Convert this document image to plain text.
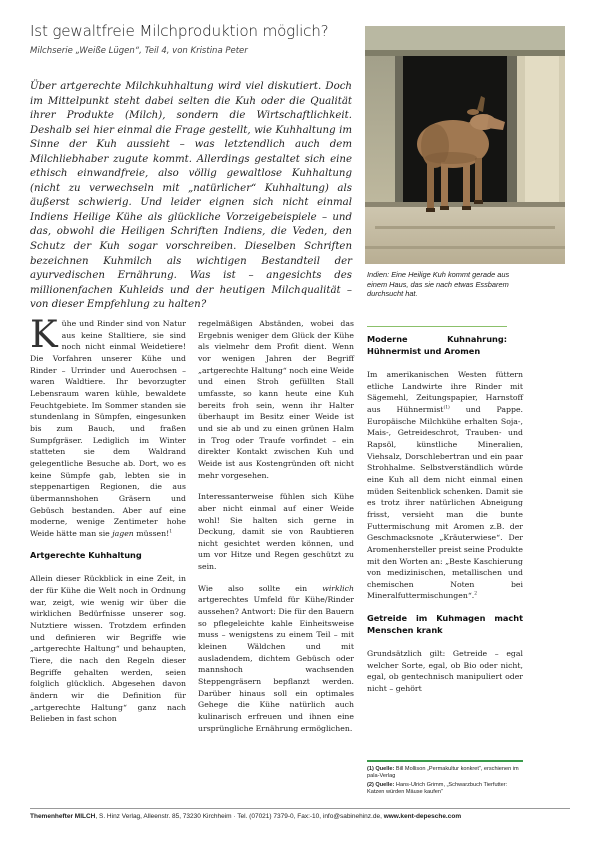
Ist gewaltfreie Milchproduktion möglich?
Milchserie „Weiße Lügen“, Teil 4, von Kristina Peter
Über artgerechte Milchkuhhaltung wird viel diskutiert. Doch im Mittelpunkt steht dabei selten die Kuh oder die Qualität ihrer Produkte (Milch), sondern die Wirtschaftlichkeit. Deshalb sei hier einmal die Frage gestellt, wie Kuhhaltung im Sinne der Kuh aussieht – was letztendlich auch dem Milchliebhaber zugute kommt. Allerdings gestaltet sich eine ethisch einwandfreie, also völlig gewaltlose Kuhhaltung (nicht zu verwechseln mit „natürlicher“ Kuhhaltung) als äußerst schwierig. Und leider eignen sich nicht einmal Indiens Heilige Kühe als glückliche Vorzeigebeispiele – und das, obwohl die Heiligen Schriften Indiens, die Veden, den Schutz der Kuh sogar vorschreiben. Dieselben Schriften bezeichnen Kuhmilch als wichtigen Bestandteil der ayurvedischen Ernährung. Was ist – angesichts des millionenfachen Kuhleids und der heutigen Milchqualität – von dieser Empfehlung zu halten?
Indien: Eine Heilige Kuh kommt gerade aus einem Haus, das sie nach etwas Essbarem durchsucht hat.

Kühe und Rinder sind von Natur aus keine Stalltiere, sie sind noch nicht einmal Weidetiere! Die Vorfahren unserer Kühe und Rinder – Urrinder und Auerochsen – waren Waldtiere. Ihr bevorzugter Lebensraum waren kühle, bewaldete Feuchtgebiete. Im Sommer standen sie stundenlang in Sümpfen, eingesunken bis zum Bauch, und fraßen Sumpfgräser. Lediglich im Winter statteten sie dem Waldrand gelegentliche Besuche ab. Dort, wo es keine Sümpfe gab, lebten sie in steppenartigen Regionen, die aus übermannshohen Gräsern und Gebüsch bestanden. Aber auf eine moderne, wenige Zentimeter hohe Weide hätte man sie jagen müssen!$^1$

Artgerechte Kuhhaltung

Allein dieser Rückblick in eine Zeit, in der für Kühe die Welt noch in Ordnung war, zeigt, wie wenig wir über die wirklichen Bedürfnisse unserer sog. Nutztiere wissen. Trotzdem erfinden und definieren wir Begriffe wie „artgerechte Haltung“ und behaupten, Tiere, die nach den Regeln dieser Begriffe gehalten werden, seien folglich glücklich. Abgesehen davon ändern wir die Definition für „artgerechte Haltung“ ganz nach Belieben in fast schon

regelmäßigen Abständen, wobei das Ergebnis weniger dem Glück der Kühe als vielmehr dem Profit dient. Wenn vor wenigen Jahren der Begriff „artgerechte Haltung“ noch eine Weide und einen Stroh gefüllten Stall umfasste, so kann heute eine Kuh bereits froh sein, wenn ihr Halter überhaupt im Besitz einer Weide ist und sie ab und zu einen grünen Halm in Trog oder Traufe vorfindet – ein direkter Kontakt zwischen Kuh und Weide ist aus Kostengründen oft nicht mehr vorgesehen.

Interessanterweise fühlen sich Kühe aber nicht einmal auf einer Weide wohl! Sie halten sich gerne in Deckung, damit sie von Raubtieren nicht gesichtet werden können, und um vor Hitze und Regen geschützt zu sein.

Wie also sollte ein wirklich artgerechtes Umfeld für Kühe/Rinder aussehen? Antwort: Die für den Bauern so pflegeleichte kahle Einheitsweise muss – wenigstens zu einem Teil – mit kleinen Wäldchen und mit ausladendem, dichtem Gebüsch oder mannshoch wachsenden Steppengräsern bepflanzt werden. Darüber hinaus soll ein optimales Gehege die Kühe natürlich auch kulinarisch erfreuen und ihnen eine ursprüngliche Ernährung ermöglichen.

Moderne Kuhnahrung: Hühnermist und Aromen

Im amerikanischen Westen füttern etliche Landwirte ihre Rinder mit Sägemehl, Zeitungspapier, Harnstoff aus Hühnermist$^{(1)}$ und Pappe. Europäische Milchkühe erhalten Soja-, Mais-, Getreideschrot, Trauben- und Rapsöl, künstliche Mineralien, Viehsalz, Dorschlebertran und ein paar Strohhalme. Selbstverständlich würde eine Kuh all dem nicht einmal einen müden Seitenblick schenken. Damit sie es trotz ihrer natürlichen Abneigung frisst, versieht man die bunte Futtermischung mit Aromen z.B. der Geschmacksnote „Kräuterwiese“. Der Aromenhersteller preist seine Produkte mit den Worten an: „Beste Kaschierung von medizinischen, metallischen und chemischen Noten bei Mineralfuttermischungen“.$^2$

Getreide im Kuhmagen macht Menschen krank

Grundsätzlich gilt: Getreide – egal welcher Sorte, egal, ob Bio oder nicht, egal, ob gentechnisch manipuliert oder nicht – gehört

(1) Quelle: Bill Mollison „Permakultur konkret“, erschienen im pala-Verlag
(2) Quelle: Hans-Ulrich Grimm, „Schwarzbuch Tierfutter: Katzen würden Mäuse kaufen“
Themenhefter MILCH, S. Hinz Verlag, Alleenstr. 85, 73230 Kirchheim · Tel. (07021) 7379-0, Fax:-10, info@sabinehinz.de, www.kent-depesche.com
